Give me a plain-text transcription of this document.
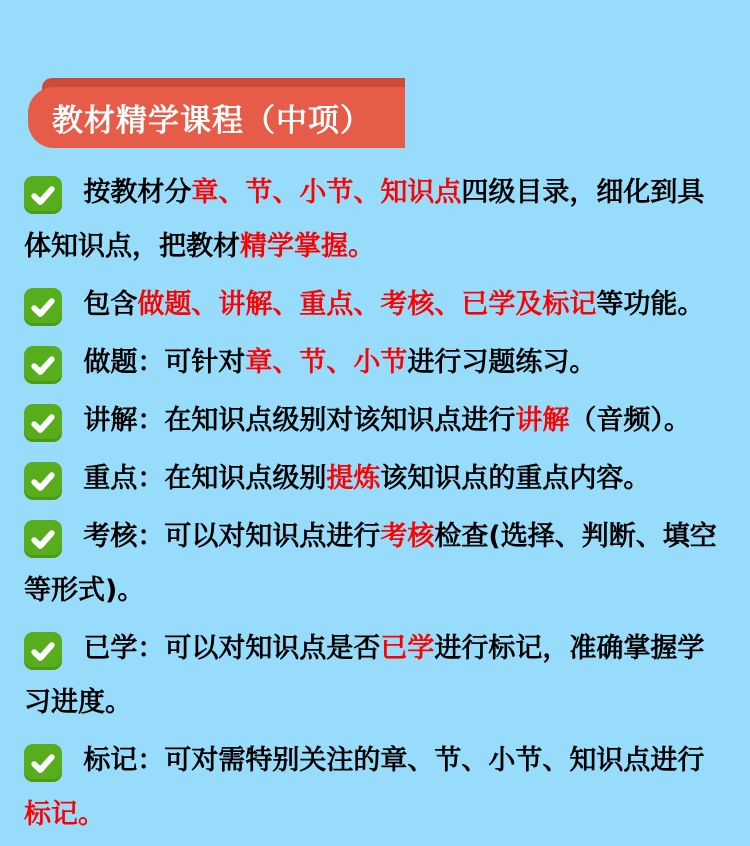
教材精学课程（中项）
按教材分章、节、小节、知识点四级目录，细化到具体知识点，把教材精学掌握。
包含做题、讲解、重点、考核、已学及标记等功能。
做题：可针对章、节、小节进行习题练习。
讲解：在知识点级别对该知识点进行讲解（音频）。
重点：在知识点级别提炼该知识点的重点内容。
考核：可以对知识点进行考核检查(选择、判断、填空等形式)。
已学：可以对知识点是否已学进行标记，准确掌握学习进度。
标记：可对需特别关注的章、节、小节、知识点进行标记。
